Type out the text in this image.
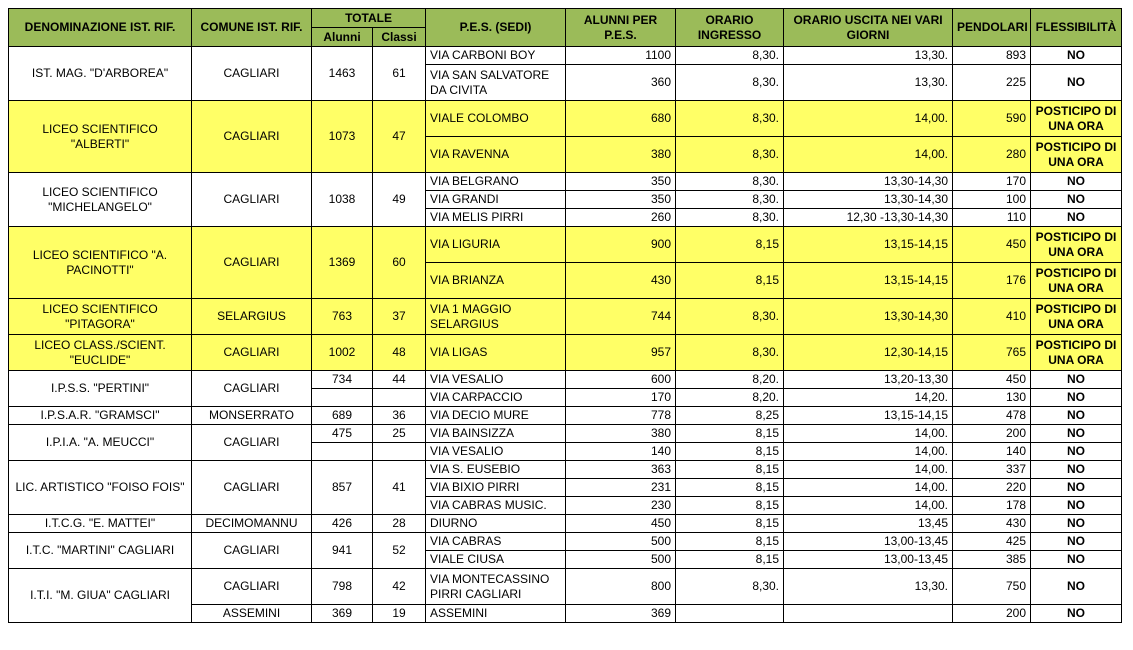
DENOMINAZIONE IST. RIF.	COMUNE IST. RIF.	TOTALE		P.E.S. (SEDI)	ALUNNI PER P.E.S.	ORARIO INGRESSO	ORARIO USCITA NEI VARI GIORNI	PENDOLARI	FLESSIBILITÀ
		Alunni	Classi						
IST. MAG. "D'ARBOREA"	CAGLIARI	1463	61	VIA CARBONI BOY	1100	8,30.	13,30.	893	NO
				VIA SAN SALVATORE DA CIVITA	360	8,30.	13,30.	225	NO
LICEO SCIENTIFICO "ALBERTI"	CAGLIARI	1073	47	VIALE COLOMBO	680	8,30.	14,00.	590	POSTICIPO DI UNA ORA
				VIA RAVENNA	380	8,30.	14,00.	280	POSTICIPO DI UNA ORA
LICEO SCIENTIFICO "MICHELANGELO"	CAGLIARI	1038	49	VIA BELGRANO	350	8,30.	13,30-14,30	170	NO
				VIA GRANDI	350	8,30.	13,30-14,30	100	NO
				VIA MELIS PIRRI	260	8,30.	12,30 -13,30-14,30	110	NO
LICEO SCIENTIFICO "A. PACINOTTI"	CAGLIARI	1369	60	VIA LIGURIA	900	8,15	13,15-14,15	450	POSTICIPO DI UNA ORA
				VIA BRIANZA	430	8,15	13,15-14,15	176	POSTICIPO DI UNA ORA
LICEO SCIENTIFICO "PITAGORA"	SELARGIUS	763	37	VIA 1 MAGGIO SELARGIUS	744	8,30.	13,30-14,30	410	POSTICIPO DI UNA ORA
LICEO CLASS./SCIENT. "EUCLIDE"	CAGLIARI	1002	48	VIA LIGAS	957	8,30.	12,30-14,15	765	POSTICIPO DI UNA ORA
I.P.S.S. "PERTINI"	CAGLIARI	734	44	VIA VESALIO	600	8,20.	13,20-13,30	450	NO
				VIA CARPACCIO	170	8,20.	14,20.	130	NO
I.P.S.A.R. "GRAMSCI"	MONSERRATO	689	36	VIA DECIO MURE	778	8,25	13,15-14,15	478	NO
I.P.I.A. "A. MEUCCI"	CAGLIARI	475	25	VIA BAINSIZZA	380	8,15	14,00.	200	NO
				VIA VESALIO	140	8,15	14,00.	140	NO
LIC. ARTISTICO "FOISO FOIS"	CAGLIARI	857	41	VIA S. EUSEBIO	363	8,15	14,00.	337	NO
				VIA BIXIO PIRRI	231	8,15	14,00.	220	NO
				VIA CABRAS MUSIC.	230	8,15	14,00.	178	NO
I.T.C.G. "E. MATTEI"	DECIMOMANNU	426	28	DIURNO	450	8,15	13,45	430	NO
I.T.C. "MARTINI" CAGLIARI	CAGLIARI	941	52	VIA CABRAS	500	8,15	13,00-13,45	425	NO
				VIALE CIUSA	500	8,15	13,00-13,45	385	NO
I.T.I. "M. GIUA" CAGLIARI	CAGLIARI	798	42	VIA MONTECASSINO PIRRI CAGLIARI	800	8,30.	13,30.	750	NO
	ASSEMINI	369	19	ASSEMINI	369			200	NO
